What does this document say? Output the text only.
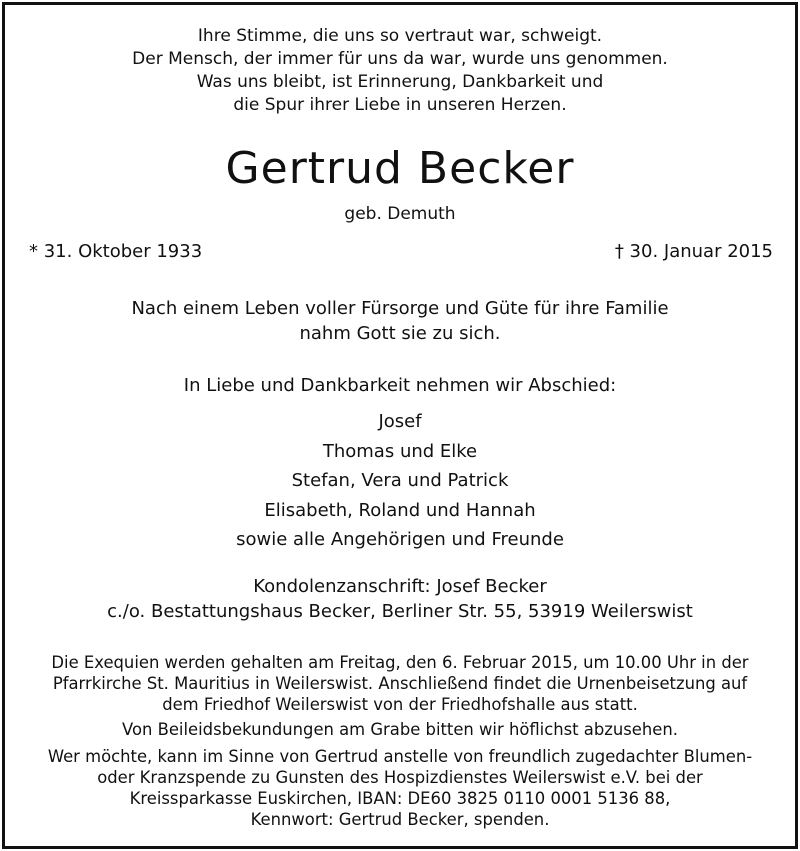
Ihre Stimme, die uns so vertraut war, schweigt.
Der Mensch, der immer für uns da war, wurde uns genommen.
Was uns bleibt, ist Erinnerung, Dankbarkeit und
die Spur ihrer Liebe in unseren Herzen.
Gertrud Becker
geb. Demuth
* 31. Oktober 1933	† 30. Januar 2015
Nach einem Leben voller Fürsorge und Güte für ihre Familie
nahm Gott sie zu sich.
In Liebe und Dankbarkeit nehmen wir Abschied:
Josef
Thomas und Elke
Stefan, Vera und Patrick
Elisabeth, Roland und Hannah
sowie alle Angehörigen und Freunde
Kondolenzanschrift: Josef Becker
c./o. Bestattungshaus Becker, Berliner Str. 55, 53919 Weilerswist
Die Exequien werden gehalten am Freitag, den 6. Februar 2015, um 10.00 Uhr in der
Pfarrkirche St. Mauritius in Weilerswist. Anschließend findet die Urnenbeisetzung auf
dem Friedhof Weilerswist von der Friedhofshalle aus statt.
Von Beileidsbekundungen am Grabe bitten wir höflichst abzusehen.
Wer möchte, kann im Sinne von Gertrud anstelle von freundlich zugedachter Blumen-
oder Kranzspende zu Gunsten des Hospizdienstes Weilerswist e.V. bei der
Kreissparkasse Euskirchen, IBAN: DE60 3825 0110 0001 5136 88,
Kennwort: Gertrud Becker, spenden.
